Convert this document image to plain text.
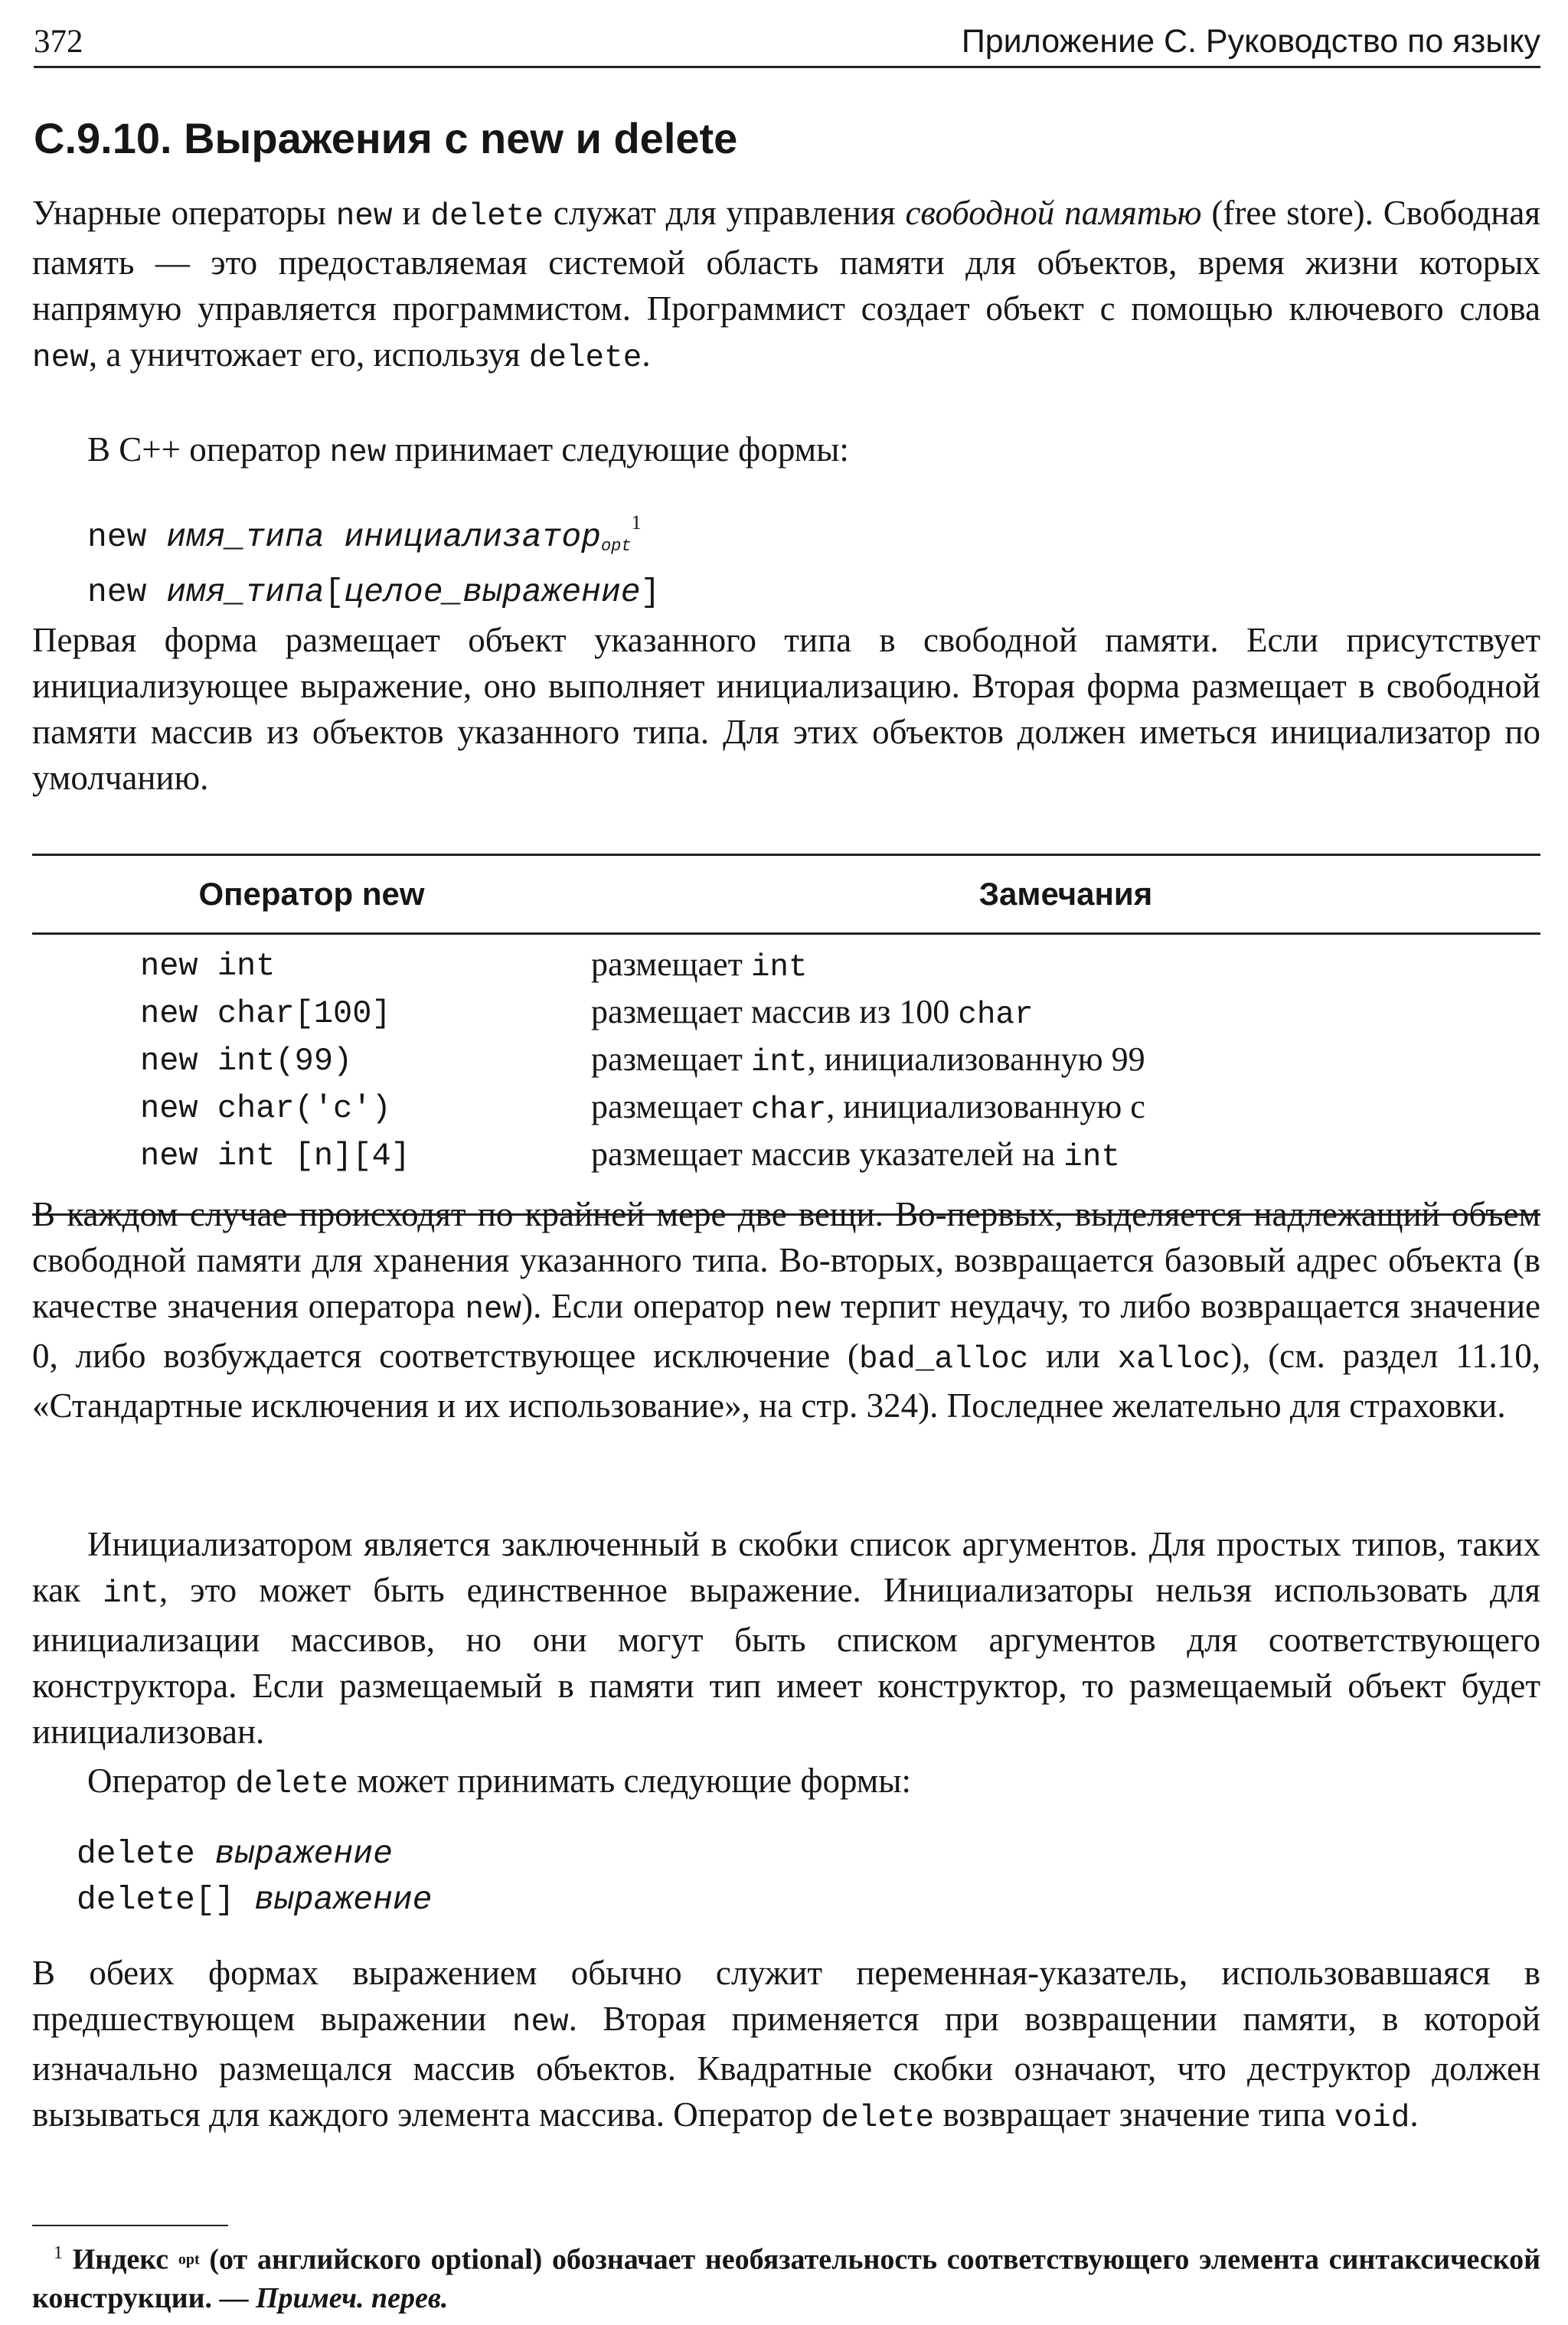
372	Приложение С. Руководство по языку
С.9.10. Выражения с new и delete

Унарные операторы new и delete служат для управления свободной памятью (free store). Свободная память — это предоставляемая системой область памяти для объектов, время жизни которых напрямую управляется программистом. Программист создает объект с помощью ключевого слова new, а уничтожает его, используя delete.

В C++ оператор new принимает следующие формы:

new имя_типа инициализатор$_{opt}^1$
new имя_типа[целое_выражение]

Первая форма размещает объект указанного типа в свободной памяти. Если присутствует инициализующее выражение, оно выполняет инициализацию. Вторая форма размещает в свободной памяти массив из объектов указанного типа. Для этих объектов должен иметься инициализатор по умолчанию.

Оператор new	Замечания
new int	размещает int
new char[100]	размещает массив из 100 char
new int(99)	размещает int, инициализованную 99
new char('c')	размещает char, инициализованную с
new int [n][4]	размещает массив указателей на int

В каждом случае происходят по крайней мере две вещи. Во-первых, выделяется надлежащий объем свободной памяти для хранения указанного типа. Во-вторых, возвращается базовый адрес объекта (в качестве значения оператора new). Если оператор new терпит неудачу, то либо возвращается значение 0, либо возбуждается соответствующее исключение (bad_alloc или xalloc), (см. раздел 11.10, «Стандартные исключения и их использование», на стр. 324). Последнее желательно для страховки.

Инициализатором является заключенный в скобки список аргументов. Для простых типов, таких как int, это может быть единственное выражение. Инициализаторы нельзя использовать для инициализации массивов, но они могут быть списком аргументов для соответствующего конструктора. Если размещаемый в памяти тип имеет конструктор, то размещаемый объект будет инициализован.

Оператор delete может принимать следующие формы:

delete выражение
delete[] выражение

В обеих формах выражением обычно служит переменная-указатель, использовавшаяся в предшествующем выражении new. Вторая применяется при возвращении памяти, в которой изначально размещался массив объектов. Квадратные скобки означают, что деструктор должен вызываться для каждого элемента массива. Оператор delete возвращает значение типа void.

$^1$ Индекс $_{opt}$ (от английского optional) обозначает необязательность соответствующего элемента синтаксической конструкции. — Примеч. перев.
